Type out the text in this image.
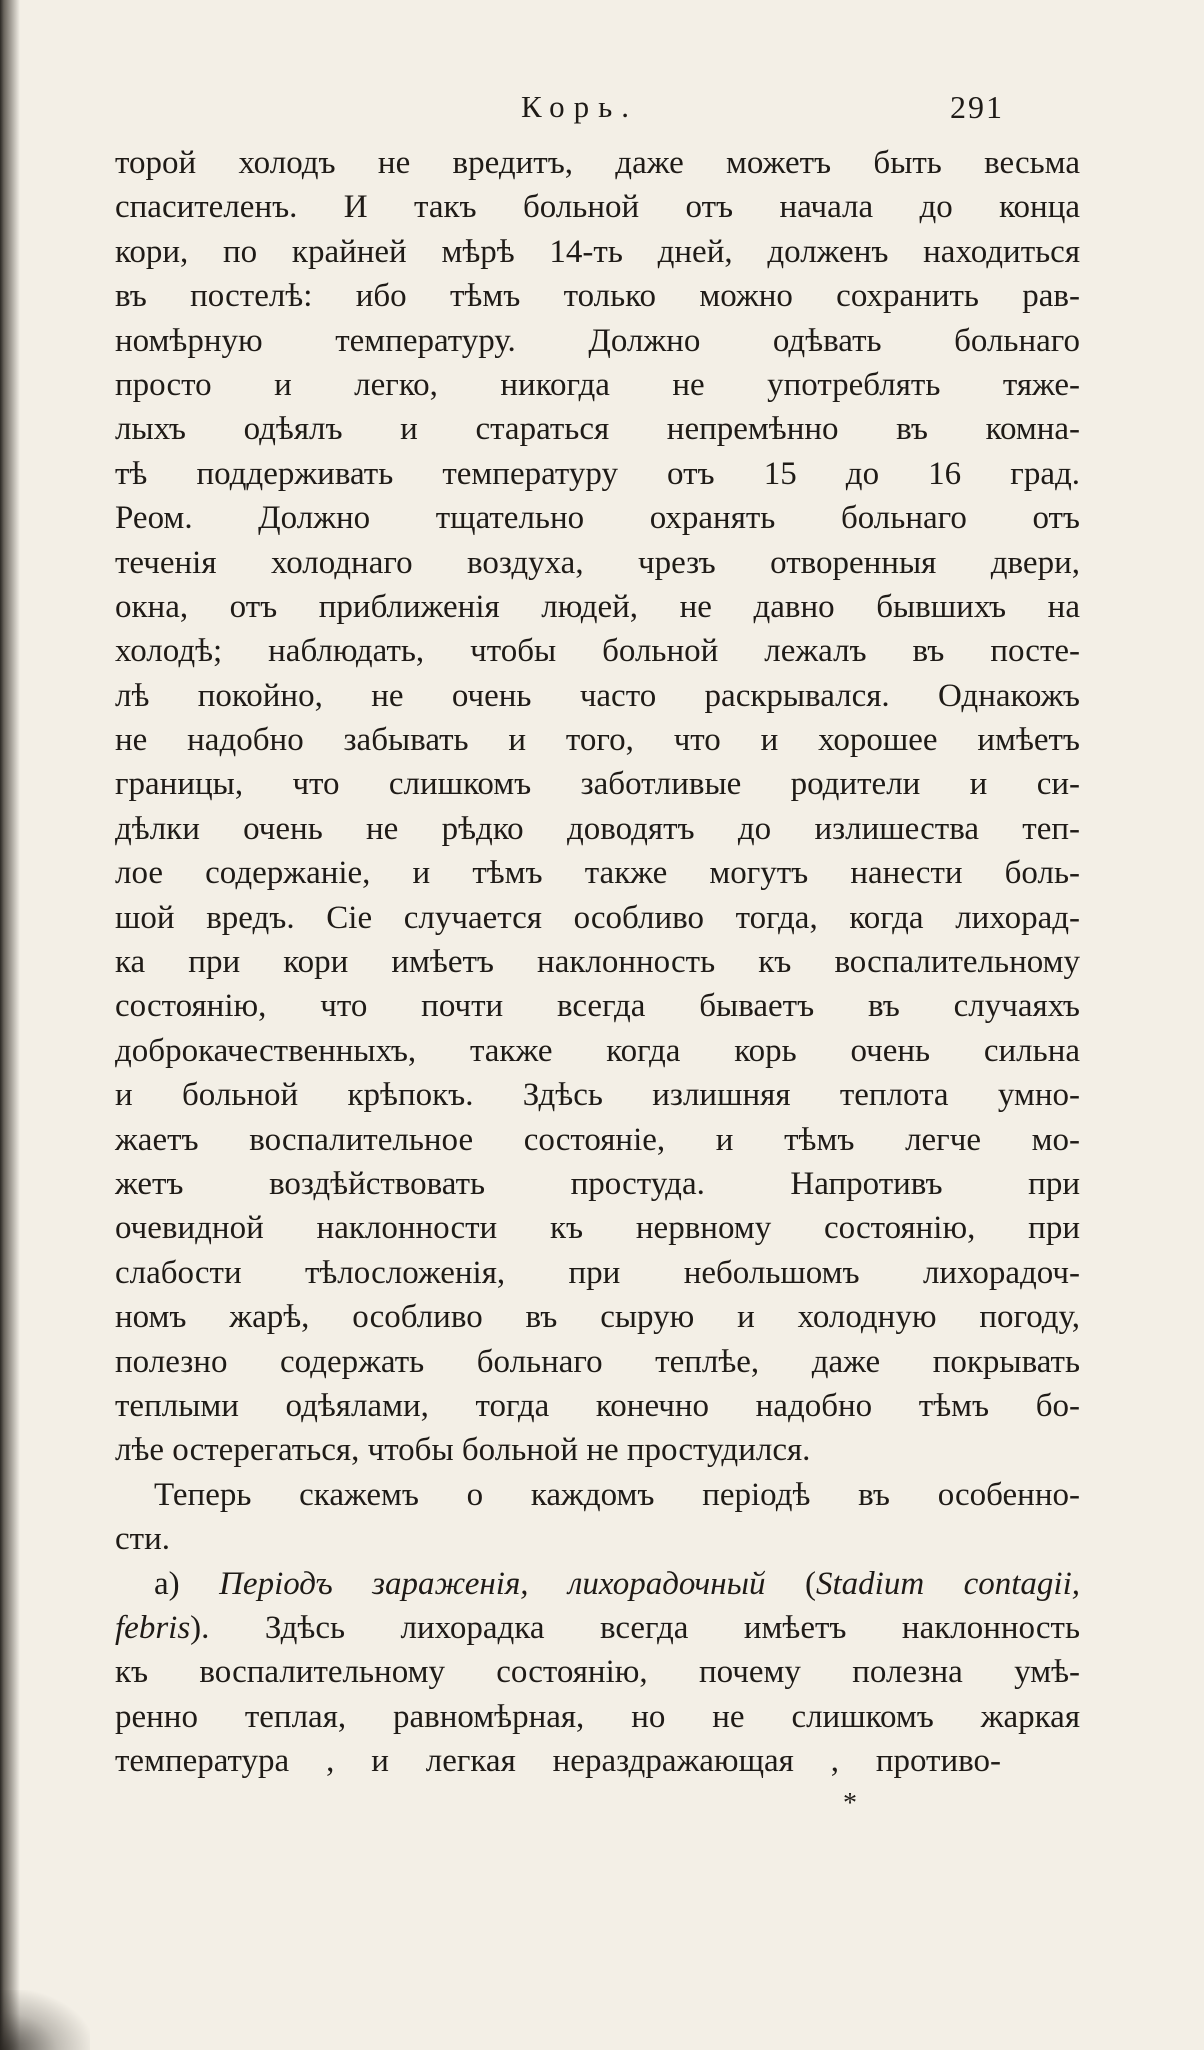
Корь.	291
торой холодъ не вредитъ, даже можетъ быть весьма
спасителенъ. И такъ больной отъ начала до конца
кори, по крайней мѣрѣ 14-ть дней, долженъ находиться
въ постелѣ: ибо тѣмъ только можно сохранить рав-
номѣрную температуру. Должно одѣвать больнаго
просто и легко, никогда не употреблять тяже-
лыхъ одѣялъ и стараться непремѣнно въ комна-
тѣ поддерживать температуру отъ 15 до 16 град.
Реом. Должно тщательно охранять больнаго отъ
теченія холоднаго воздуха, чрезъ отворенныя двери,
окна, отъ приближенія людей, не давно бывшихъ на
холодѣ; наблюдать, чтобы больной лежалъ въ посте-
лѣ покойно, не очень часто раскрывался. Однакожъ
не надобно забывать и того, что и хорошее имѣетъ
границы, что слишкомъ заботливые родители и си-
дѣлки очень не рѣдко доводятъ до излишества теп-
лое содержаніе, и тѣмъ также могутъ нанести боль-
шой вредъ. Сіе случается особливо тогда, когда лихорад-
ка при кори имѣетъ наклонность къ воспалительному
состоянію, что почти всегда бываетъ въ случаяхъ
доброкачественныхъ, также когда корь очень сильна
и больной крѣпокъ. Здѣсь излишняя теплота умно-
жаетъ воспалительное состояніе, и тѣмъ легче мо-
жетъ воздѣйствовать простуда. Напротивъ при
очевидной наклонности къ нервному состоянію, при
слабости тѣлосложенія, при небольшомъ лихорадоч-
номъ жарѣ, особливо въ сырую и холодную погоду,
полезно содержать больнаго теплѣе, даже покрывать
теплыми одѣялами, тогда конечно надобно тѣмъ бо-
лѣе остерегаться, чтобы больной не простудился.
Теперь скажемъ о каждомъ періодѣ въ особенно-
сти.
а) Періодъ зараженія, лихорадочный (Stadium contagii,
febris). Здѣсь лихорадка всегда имѣетъ наклонность
къ воспалительному состоянію, почему полезна умѣ-
ренно теплая, равномѣрная, но не слишкомъ жаркая
температура , и легкая нераздражающая , противо-
*
